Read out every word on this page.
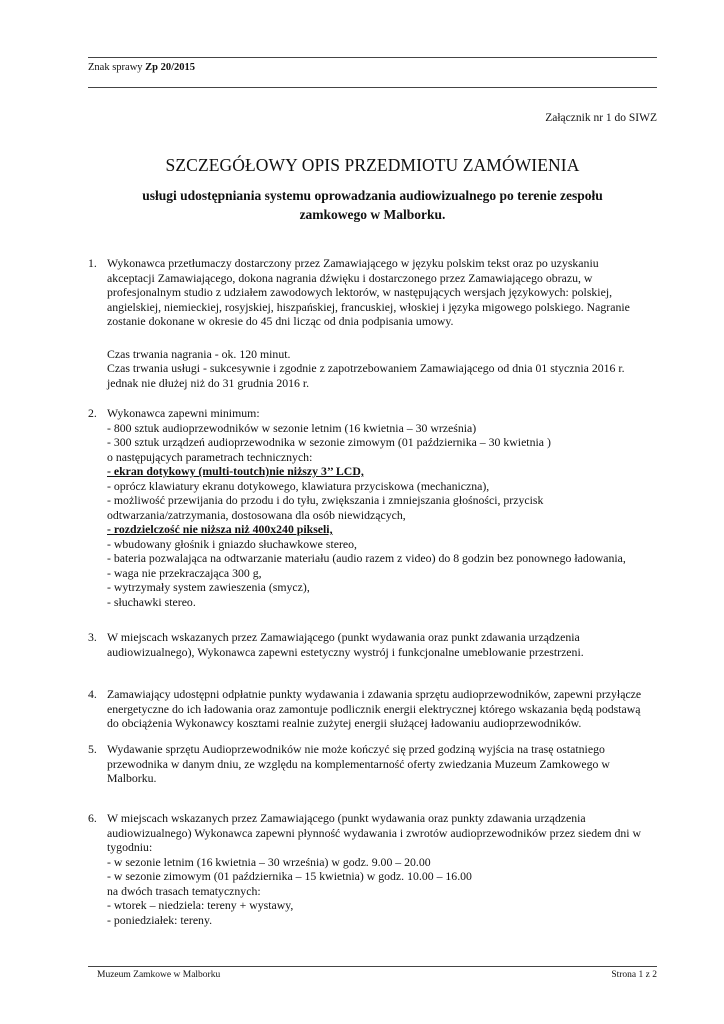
Znak sprawy Zp 20/2015
Załącznik nr 1 do SIWZ
SZCZEGÓŁOWY OPIS PRZEDMIOTU ZAMÓWIENIA
usługi udostępniania systemu oprowadzania audiowizualnego po terenie zespołu
zamkowego w Malborku.
1. Wykonawca przetłumaczy dostarczony przez Zamawiającego w języku polskim tekst oraz po uzyskaniu

akceptacji Zamawiającego, dokona nagrania dźwięku i dostarczonego przez Zamawiającego obrazu, w

profesjonalnym studio z udziałem zawodowych lektorów, w następujących wersjach językowych: polskiej,

angielskiej, niemieckiej, rosyjskiej, hiszpańskiej, francuskiej, włoskiej i języka migowego polskiego. Nagranie

zostanie dokonane w okresie do 45 dni licząc od dnia podpisania umowy.

Czas trwania nagrania - ok. 120 minut.

Czas trwania usługi - sukcesywnie i zgodnie z zapotrzebowaniem Zamawiającego od dnia 01 stycznia 2016 r.

jednak nie dłużej niż do 31 grudnia 2016 r.

2. Wykonawca zapewni minimum:

- 800 sztuk audioprzewodników w sezonie letnim (16 kwietnia – 30 września)

- 300 sztuk urządzeń audioprzewodnika w sezonie zimowym (01 października – 30 kwietnia )

o następujących parametrach technicznych:

- ekran dotykowy (multi-toutch)nie niższy 3’’ LCD,

- oprócz klawiatury ekranu dotykowego, klawiatura przyciskowa (mechaniczna),

- możliwość przewijania do przodu i do tyłu, zwiększania i zmniejszania głośności, przycisk

odtwarzania/zatrzymania, dostosowana dla osób niewidzących,

- rozdzielczość nie niższa niż 400x240 pikseli,

- wbudowany głośnik i gniazdo słuchawkowe stereo,

- bateria pozwalająca na odtwarzanie materiału (audio razem z video) do 8 godzin bez ponownego ładowania,

- waga nie przekraczająca 300 g,

- wytrzymały system zawieszenia (smycz),

- słuchawki stereo.

3. W miejscach wskazanych przez Zamawiającego (punkt wydawania oraz punkt zdawania urządzenia

audiowizualnego), Wykonawca zapewni estetyczny wystrój i funkcjonalne umeblowanie przestrzeni.

4. Zamawiający udostępni odpłatnie punkty wydawania i zdawania sprzętu audioprzewodników, zapewni przyłącze

energetyczne do ich ładowania oraz zamontuje podlicznik energii elektrycznej którego wskazania będą podstawą

do obciążenia Wykonawcy kosztami realnie zużytej energii służącej ładowaniu audioprzewodników.

5. Wydawanie sprzętu Audioprzewodników nie może kończyć się przed godziną wyjścia na trasę ostatniego

przewodnika w danym dniu, ze względu na komplementarność oferty zwiedzania Muzeum Zamkowego w

Malborku.

6. W miejscach wskazanych przez Zamawiającego (punkt wydawania oraz punkty zdawania urządzenia

audiowizualnego) Wykonawca zapewni płynność wydawania i zwrotów audioprzewodników przez siedem dni w

tygodniu:

- w sezonie letnim (16 kwietnia – 30 września) w godz. 9.00 – 20.00

- w sezonie zimowym (01 października – 15 kwietnia) w godz. 10.00 – 16.00

na dwóch trasach tematycznych:

- wtorek – niedziela: tereny + wystawy,

- poniedziałek: tereny.

Muzeum Zamkowe w Malborku	Strona 1 z 2
